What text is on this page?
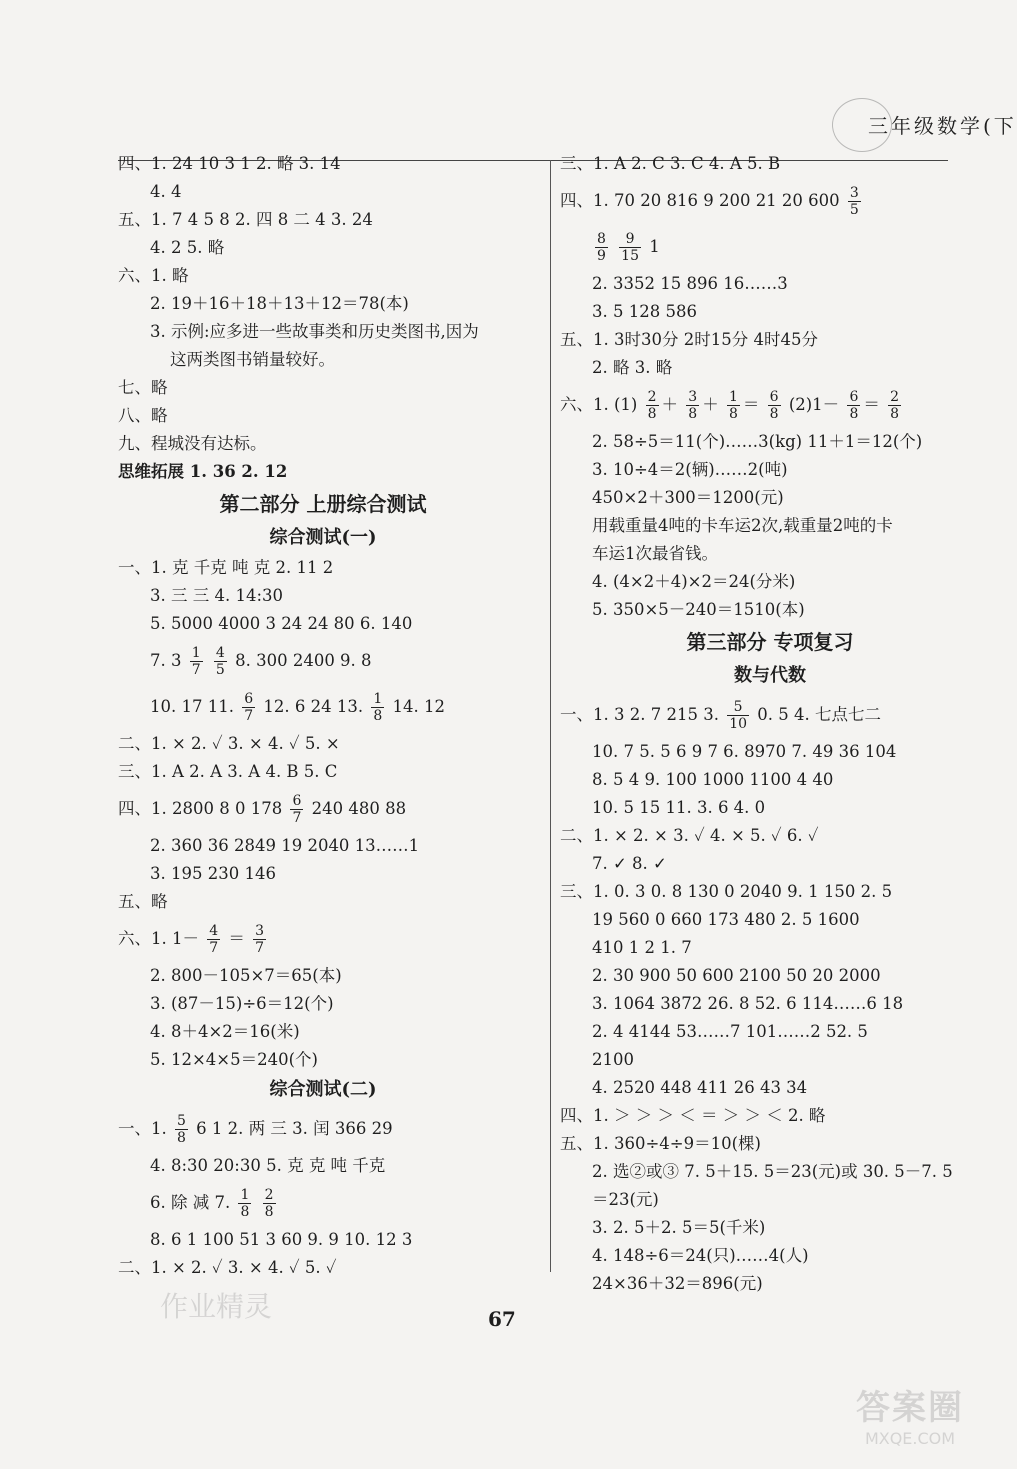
三年级数学(下
四、1. 24 10 3 1 2. 略 3. 14
4. 4
五、1. 7 4 5 8 2. 四 8 二 4 3. 24
4. 2 5. 略
六、1. 略
2. 19＋16＋18＋13＋12＝78(本)
3. 示例:应多进一些故事类和历史类图书,因为
这两类图书销量较好。
七、略
八、略
九、程城没有达标。
思维拓展 1. 36 2. 12
第二部分 上册综合测试
综合测试(一)
一、1. 克 千克 吨 克 2. 11 2
3. 三 三 4. 14:30
5. 5000 4000 3 24 24 80 6. 140
7. $3 \frac{1}{7}$
$\frac{4}{5} 8$. 300 2400 9. 8
10. 17 11. $\frac{6}{7} 12$. 6 24 13. $\frac{1}{8} 14$. 12
二、1. × 2. ✓ 3. × 4. ✓ 5. ×
三、1. A 2. A 3. A 4. B 5. C
四、1. 2800 8 0 $178 \frac{6}{7} 240$ 480 88
2. 360 36 2849 19 2040 13……1
3. 195 230 146
五、略
六、1. $1- \frac{4}{7} = \frac{3}{7}$
2. 800－105×7＝65(本)
3. (87－15)÷6＝12(个)
4. 8＋4×2＝16(米)
5. 12×4×5＝240(个)
综合测试(二)
一、1. $\frac{5}{8} 6$ 1 2. 两 三 3. 闰 366 29
4. 8:30 20:30 5. 克 克 吨 千克
6. 除 减 7. $\frac{1}{8}$
$\frac{2}{8}$
8. 6 1 100 51 3 60 9. 9 10. 12 3
二、1. × 2. ✓ 3. × 4. ✓ 5. ✓
三、1. A 2. C 3. C 4. A 5. B
四、1. 70 20 816 9 200 21 20 $600 \frac{3}{5}$
$\frac{8}{9}$
$\frac{9}{15} 1$
2. 3352 15 896 16……3
3. 5 128 586
五、1. 3时30分 2时15分 4时45分
2. 略 3. 略
六、1. $(1) \frac{2}{8} + \frac{3}{8} + \frac{1}{8} = \frac{6}{8} (2)1- \frac{6}{8} = \frac{2}{8}$
2. 58÷5＝11(个)……3(kg) 11＋1＝12(个)
3. 10÷4＝2(辆)……2(吨)
450×2＋300＝1200(元)
用载重量4吨的卡车运2次,载重量2吨的卡
车运1次最省钱。
4. (4×2＋4)×2＝24(分米)
5. 350×5－240＝1510(本)
第三部分 专项复习
数与代数
一、1. 3 2. 7 215 3. $\frac{5}{10} 0$. 5 4. 七点七二
10. 7 5. 5 6 9 7 6. 8970 7. 49 36 104
8. 5 4 9. 100 1000 1100 4 40
10. 5 15 11. 3. 6 4. 0
二、1. × 2. × 3. ✓ 4. × 5. ✓ 6. ✓
7. ✓ 8. ✓
三、1. 0. 3 0. 8 130 0 2040 9. 1 150 2. 5
19 560 0 660 173 480 2. 5 1600
410 1 2 1. 7
2. 30 900 50 600 2100 50 20 2000
3. 1064 3872 26. 8 52. 6 114……6 18
2. 4 4144 53……7 101……2 52. 5
2100
4. 2520 448 411 26 43 34
四、1. ＞ ＞ ＞ ＜ ＝ ＞ ＞ ＜ 2. 略
五、1. 360÷4÷9＝10(棵)
2. 选②或③ 7. 5＋15. 5＝23(元)或 30. 5－7. 5
＝23(元)
3. 2. 5＋2. 5＝5(千米)
4. 148÷6＝24(只)……4(人)
24×36＋32＝896(元)
67
作业精灵
答案圈
MXQE.COM
